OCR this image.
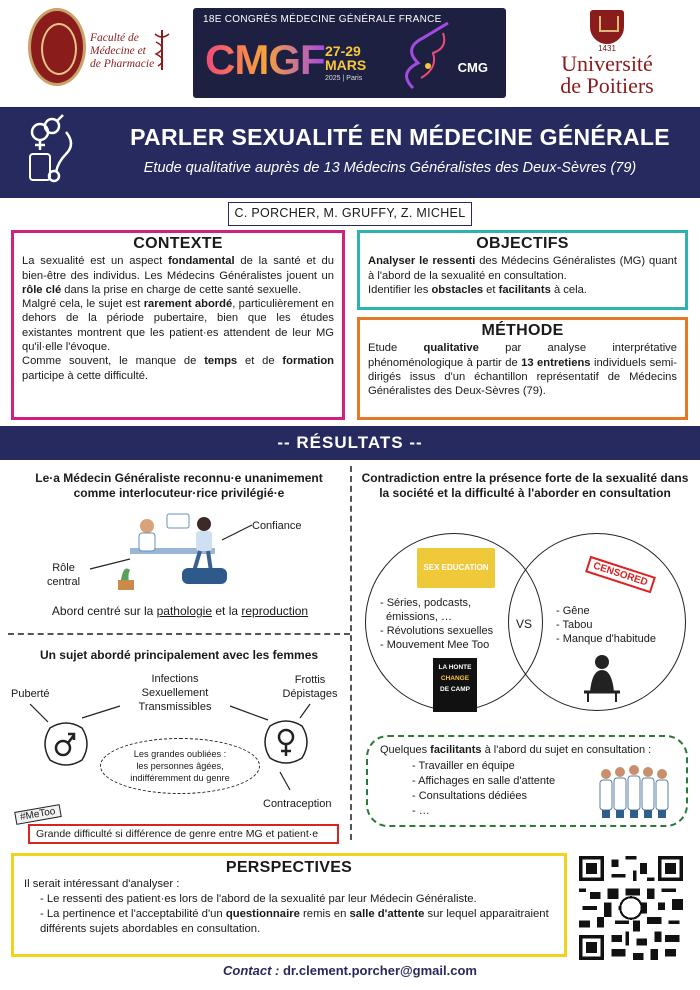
Faculté de
Médecine et
de Pharmacie
18E CONGRÈS MÉDECINE GÉNÉRALE FRANCE
CMGF 27-29
MARS
2025 | Paris
CMG
1431
Université
de Poitiers
PARLER SEXUALITÉ EN MÉDECINE GÉNÉRALE
Etude qualitative auprès de 13 Médecins Généralistes des Deux-Sèvres (79)
C. PORCHER, M. GRUFFY, Z. MICHEL
CONTEXTE

La sexualité est un aspect fondamental de la santé et du bien-être des individus. Les Médecins Généralistes jouent un rôle clé dans la prise en charge de cette santé sexuelle.

Malgré cela, le sujet est rarement abordé, particulièrement en dehors de la période pubertaire, bien que les études existantes montrent que les patient·es attendent de leur MG qu'il·elle l'évoque.

Comme souvent, le manque de temps et de formation participe à cette difficulté.

OBJECTIFS

Analyser le ressenti des Médecins Généralistes (MG) quant à l'abord de la sexualité en consultation.

Identifier les obstacles et facilitants à cela.

MÉTHODE

Etude qualitative par analyse interprétative phénoménologique à partir de 13 entretiens individuels semi-dirigés issus d'un échantillon représentatif de Médecins Généralistes des Deux-Sèvres (79).

-- RÉSULTATS --
Le·a Médecin Généraliste reconnu·e unanimement comme interlocuteur·rice privilégié·e
Confiance
Rôle
central
Abord centré sur la pathologie et la reproduction
Un sujet abordé principalement avec les femmes
Puberté
Infections
Sexuellement
Transmissibles
Frottis
Dépistages
Les grandes oubliées :
les personnes âgées,
indifféremment du genre
Contraception
#MeToo
Grande difficulté si différence de genre entre MG et patient·e
Contradiction entre la présence forte de la sexualité dans la société et la difficulté à l'aborder en consultation
SEX EDUCATION
- Séries, podcasts,
émissions, …
- Révolutions sexuelles
- Mouvement Mee Too
VS
CENSORED
- Gêne
- Tabou
- Manque d'habitude
LA HONTE
CHANGE
DE CAMP
Quelques facilitants à l'abord du sujet en consultation :
- Travailler en équipe
- Affichages en salle d'attente
- Consultations dédiées
- …
PERSPECTIVES
Il serait intéressant d'analyser :
- Le ressenti des patient·es lors de l'abord de la sexualité par leur Médecin Généraliste.
- La pertinence et l'acceptabilité d'un questionnaire remis en salle d'attente sur lequel apparaitraient différents sujets abordables en consultation.
Contact : dr.clement.porcher@gmail.com
